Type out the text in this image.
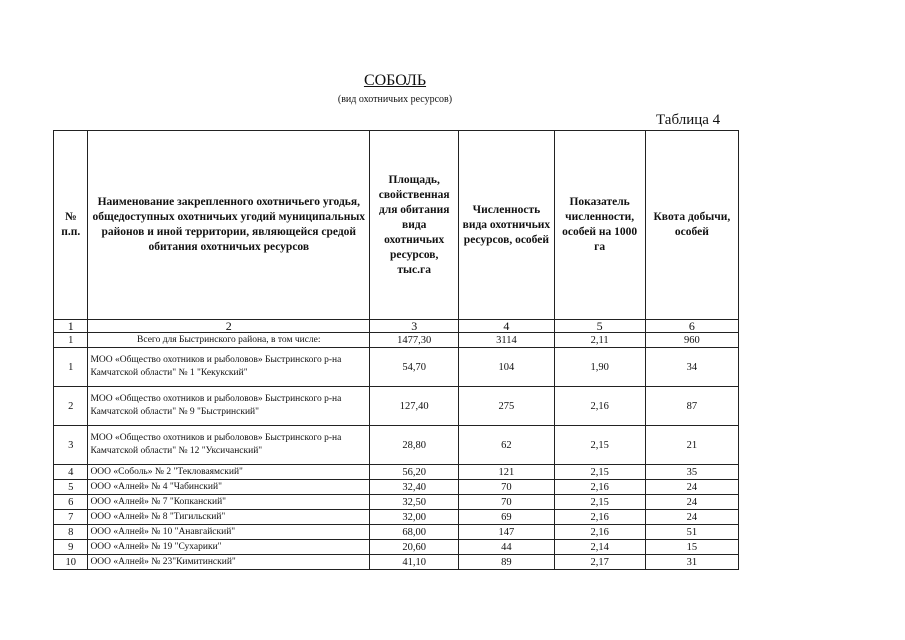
СОБОЛЬ
(вид охотничьих ресурсов)
Таблица 4
№ п.п.	Наименование закрепленного охотничьего угодья, общедоступных охотничьих угодий муниципальных районов и иной территории, являющейся средой обитания охотничьих ресурсов	Площадь, свойственная для обитания вида охотничьих ресурсов, тыс.га	Численность вида охотничьих ресурсов, особей	Показатель численности, особей на 1000 га	Квота добычи, особей
1	2	3	4	5	6
1	Всего для Быстринского района, в том числе:	1477,30	3114	2,11	960
1	МОО «Общество охотников и рыболовов» Быстринского р-на Камчатской области" № 1 "Кекукский"	54,70	104	1,90	34
2	МОО «Общество охотников и рыболовов» Быстринского р-на Камчатской области" № 9 "Быстринский"	127,40	275	2,16	87
3	МОО «Общество охотников и рыболовов» Быстринского р-на Камчатской области" № 12 "Уксичанский"	28,80	62	2,15	21
4	ООО «Соболь» № 2 "Текловаямский"	56,20	121	2,15	35
5	ООО «Алней» № 4 "Чабинский"	32,40	70	2,16	24
6	ООО «Алней» № 7 "Копканский"	32,50	70	2,15	24
7	ООО «Алней» № 8 "Тигильский"	32,00	69	2,16	24
8	ООО «Алней» № 10 "Анавгайский"	68,00	147	2,16	51
9	ООО «Алней» № 19 "Сухарики"	20,60	44	2,14	15
10	ООО «Алней» № 23"Кимитинский"	41,10	89	2,17	31
